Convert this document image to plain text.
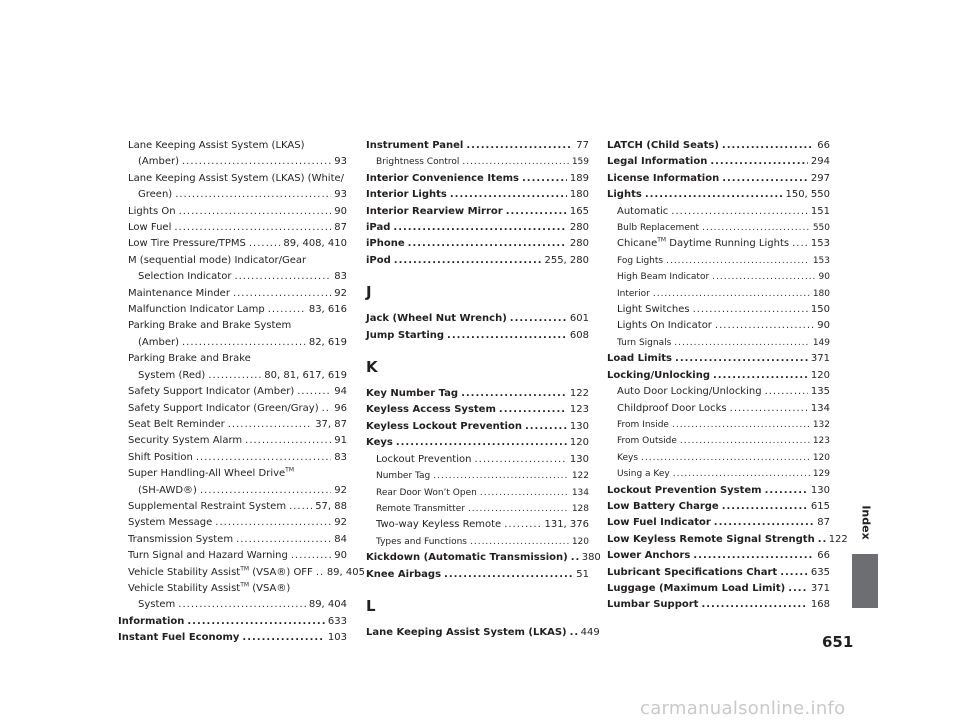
Lane Keeping Assist System (LKAS)
(Amber) .....	93
Lane Keeping Assist System (LKAS) (White/
Green) .....	93
Lights On .....	90
Low Fuel .....	87
Low Tire Pressure/TPMS .....	89, 408, 410
M (sequential mode) Indicator/Gear
Selection Indicator .....	83
Maintenance Minder .....	92
Malfunction Indicator Lamp .....	83, 616
Parking Brake and Brake System
(Amber) .....	82, 619
Parking Brake and Brake
System (Red) .....	80, 81, 617, 619
Safety Support Indicator (Amber) .....	94
Safety Support Indicator (Green/Gray) ..... 96
Seat Belt Reminder .....	37, 87
Security System Alarm .....	91
Shift Position .....	83
Super Handling-All Wheel Drive™
(SH-AWD®) .....	92
Supplemental Restraint System .....	57, 88
System Message .....	92
Transmission System .....	84
Turn Signal and Hazard Warning .....	90
Vehicle Stability Assist™ (VSA®) OFF ..... 89, 405
Vehicle Stability Assist™ (VSA®)
System .....	89, 404
Information .....	633
Instant Fuel Economy .....	103
Instrument Panel .....	77
Brightness Control .....	159
Interior Convenience Items .....	189
Interior Lights .....	180
Interior Rearview Mirror .....	165
iPad .....	280
iPhone .....	280
iPod .....	255, 280
J
Jack (Wheel Nut Wrench) .....	601
Jump Starting .....	608
K
Key Number Tag .....	122
Keyless Access System .....	123
Keyless Lockout Prevention .....	130
Keys .....	120
Lockout Prevention .....	130
Number Tag .....	122
Rear Door Won’t Open .....	134
Remote Transmitter .....	128
Two-way Keyless Remote .....	131, 376
Types and Functions .....	120
Kickdown (Automatic Transmission) ..... 380
Knee Airbags .....	51
L
Lane Keeping Assist System (LKAS) ..... 449
LATCH (Child Seats) .....	66
Legal Information .....	294
License Information .....	297
Lights .....	150, 550
Automatic .....	151
Bulb Replacement .....	550
Chicane™ Daytime Running Lights ..... 153
Fog Lights .....	153
High Beam Indicator .....	90
Interior .....	180
Light Switches .....	150
Lights On Indicator .....	90
Turn Signals .....	149
Load Limits .....	371
Locking/Unlocking .....	120
Auto Door Locking/Unlocking .....	135
Childproof Door Locks .....	134
From Inside .....	132
From Outside .....	123
Keys .....	120
Using a Key .....	129
Lockout Prevention System .....	130
Low Battery Charge .....	615
Low Fuel Indicator .....	87
Low Keyless Remote Signal Strength ..... 122
Lower Anchors .....	66
Lubricant Specifications Chart .....	635
Luggage (Maximum Load Limit) .....	371
Lumbar Support .....	168
Index
651
carmanualsonline.info
